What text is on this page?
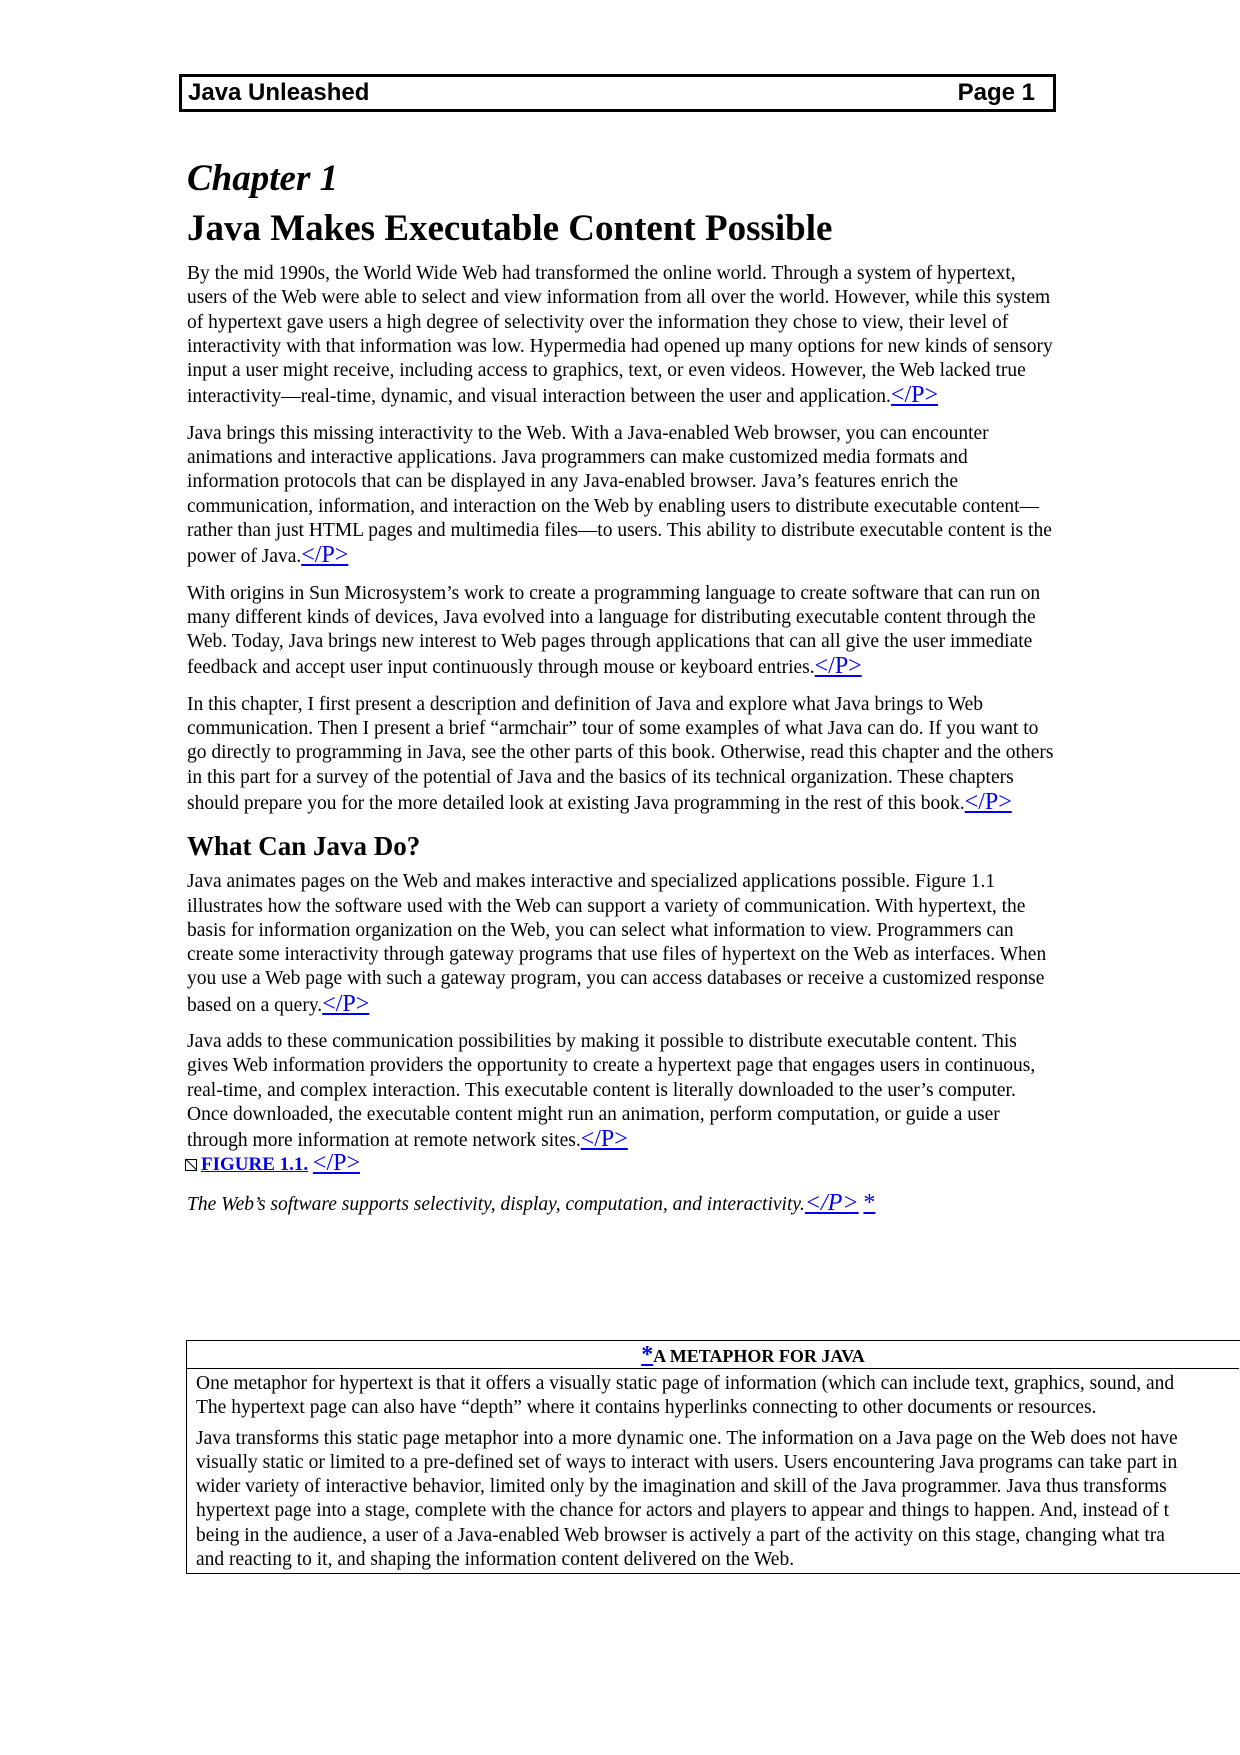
Java Unleashed	Page 1
Chapter 1
Java Makes Executable Content Possible

By the mid 1990s, the World Wide Web had transformed the online world. Through a system of hypertext, users of the Web were able to select and view information from all over the world. However, while this system of hypertext gave users a high degree of selectivity over the information they chose to view, their level of interactivity with that information was low. Hypermedia had opened up many options for new kinds of sensory input a user might receive, including access to graphics, text, or even videos. However, the Web lacked true interactivity—real-time, dynamic, and visual interaction between the user and application.</P>

Java brings this missing interactivity to the Web. With a Java-enabled Web browser, you can encounter animations and interactive applications. Java programmers can make customized media formats and information protocols that can be displayed in any Java-enabled browser. Java’s features enrich the communication, information, and interaction on the Web by enabling users to distribute executable content—rather than just HTML pages and multimedia files—to users. This ability to distribute executable content is the power of Java.</P>

With origins in Sun Microsystem’s work to create a programming language to create software that can run on many different kinds of devices, Java evolved into a language for distributing executable content through the Web. Today, Java brings new interest to Web pages through applications that can all give the user immediate feedback and accept user input continuously through mouse or keyboard entries.</P>

In this chapter, I first present a description and definition of Java and explore what Java brings to Web communication. Then I present a brief “armchair” tour of some examples of what Java can do. If you want to go directly to programming in Java, see the other parts of this book. Otherwise, read this chapter and the others in this part for a survey of the potential of Java and the basics of its technical organization. These chapters should prepare you for the more detailed look at existing Java programming in the rest of this book.</P>

What Can Java Do?

Java animates pages on the Web and makes interactive and specialized applications possible. Figure 1.1 illustrates how the software used with the Web can support a variety of communication. With hypertext, the basis for information organization on the Web, you can select what information to view. Programmers can create some interactivity through gateway programs that use files of hypertext on the Web as interfaces. When you use a Web page with such a gateway program, you can access databases or receive a customized response based on a query.</P>

Java adds to these communication possibilities by making it possible to distribute executable content. This gives Web information providers the opportunity to create a hypertext page that engages users in continuous, real-time, and complex interaction. This executable content is literally downloaded to the user’s computer. Once downloaded, the executable content might run an animation, perform computation, or guide a user through more information at remote network sites.</P>

FIGURE 1.1. </P>

The Web’s software supports selectivity, display, computation, and interactivity.</P> *

*A METAPHOR FOR JAVA

One metaphor for hypertext is that it offers a visually static page of information (which can include text, graphics, sound, and
The hypertext page can also have “depth” where it contains hyperlinks connecting to other documents or resources.

Java transforms this static page metaphor into a more dynamic one. The information on a Java page on the Web does not have
visually static or limited to a pre-defined set of ways to interact with users. Users encountering Java programs can take part in
wider variety of interactive behavior, limited only by the imagination and skill of the Java programmer. Java thus transforms
hypertext page into a stage, complete with the chance for actors and players to appear and things to happen. And, instead of t
being in the audience, a user of a Java-enabled Web browser is actively a part of the activity on this stage, changing what tra
and reacting to it, and shaping the information content delivered on the Web.
